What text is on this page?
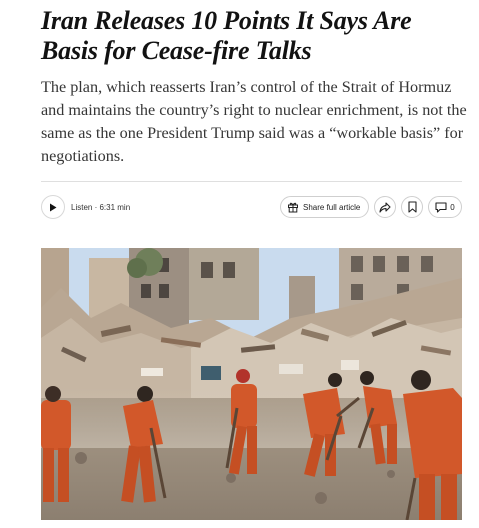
Iran Releases 10 Points It Says Are Basis for Cease-fire Talks

The plan, which reasserts Iran’s control of the Strait of Hormuz and maintains the country’s right to nuclear enrichment, is not the same as the one President Trump said was a “workable basis” for negotiations.

Listen · 6:31 min	Share full article	0
